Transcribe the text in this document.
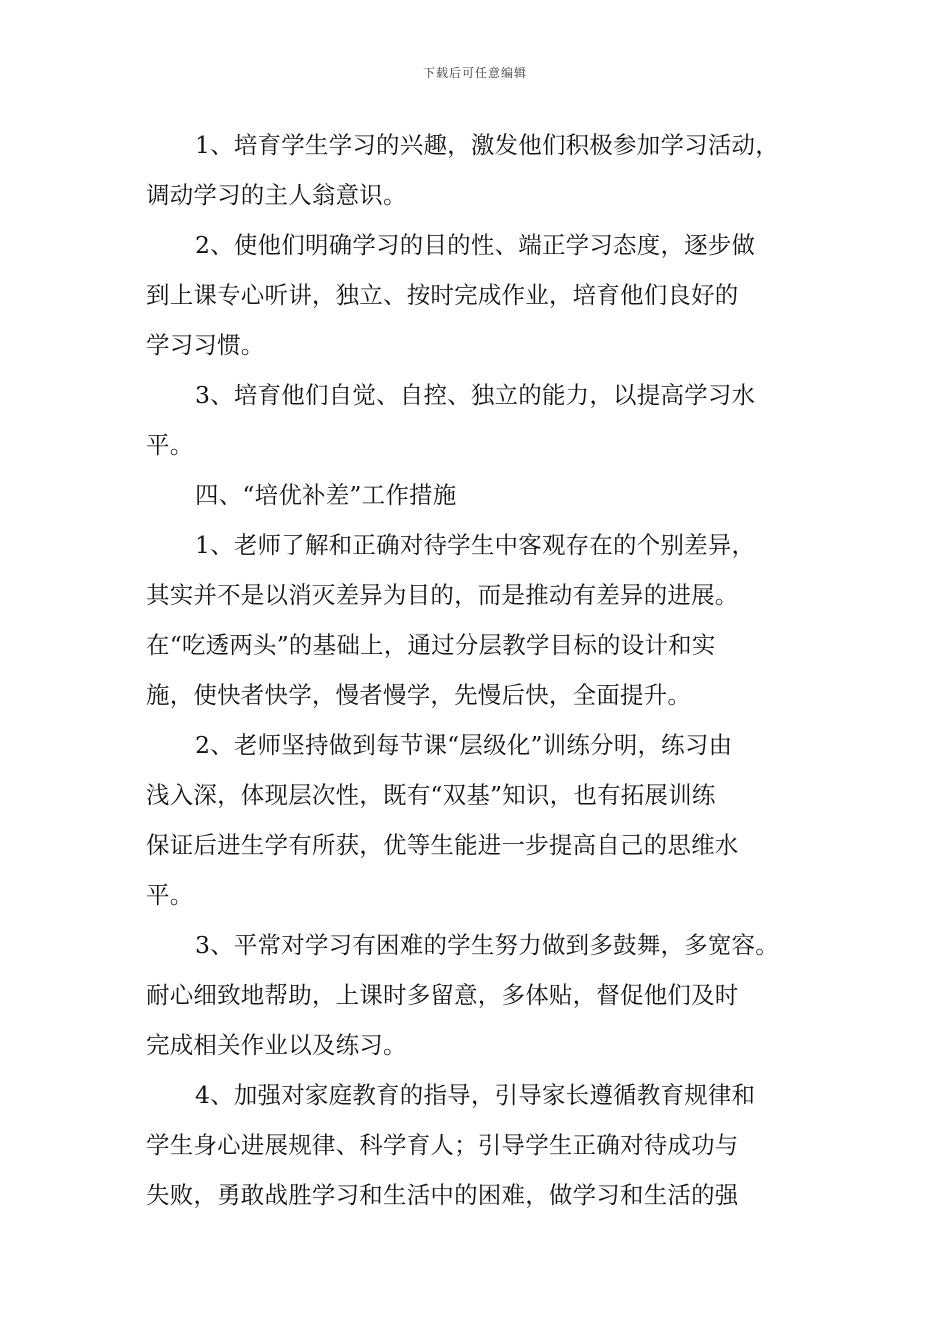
下载后可任意编辑
1、培育学生学习的兴趣，激发他们积极参加学习活动，
调动学习的主人翁意识。
2、使他们明确学习的目的性、端正学习态度，逐步做
到上课专心听讲，独立、按时完成作业，培育他们良好的
学习习惯。
3、培育他们自觉、自控、独立的能力，以提高学习水
平。
四、“培优补差”工作措施
1、老师了解和正确对待学生中客观存在的个别差异，
其实并不是以消灭差异为目的，而是推动有差异的进展。
在“吃透两头”的基础上，通过分层教学目标的设计和实
施，使快者快学，慢者慢学，先慢后快，全面提升。
2、老师坚持做到每节课“层级化”训练分明，练习由
浅入深，体现层次性，既有“双基”知识，也有拓展训练
保证后进生学有所获，优等生能进一步提高自己的思维水
平。
3、平常对学习有困难的学生努力做到多鼓舞，多宽容。
耐心细致地帮助，上课时多留意，多体贴，督促他们及时
完成相关作业以及练习。
4、加强对家庭教育的指导，引导家长遵循教育规律和
学生身心进展规律、科学育人；引导学生正确对待成功与
失败，勇敢战胜学习和生活中的困难，做学习和生活的强
